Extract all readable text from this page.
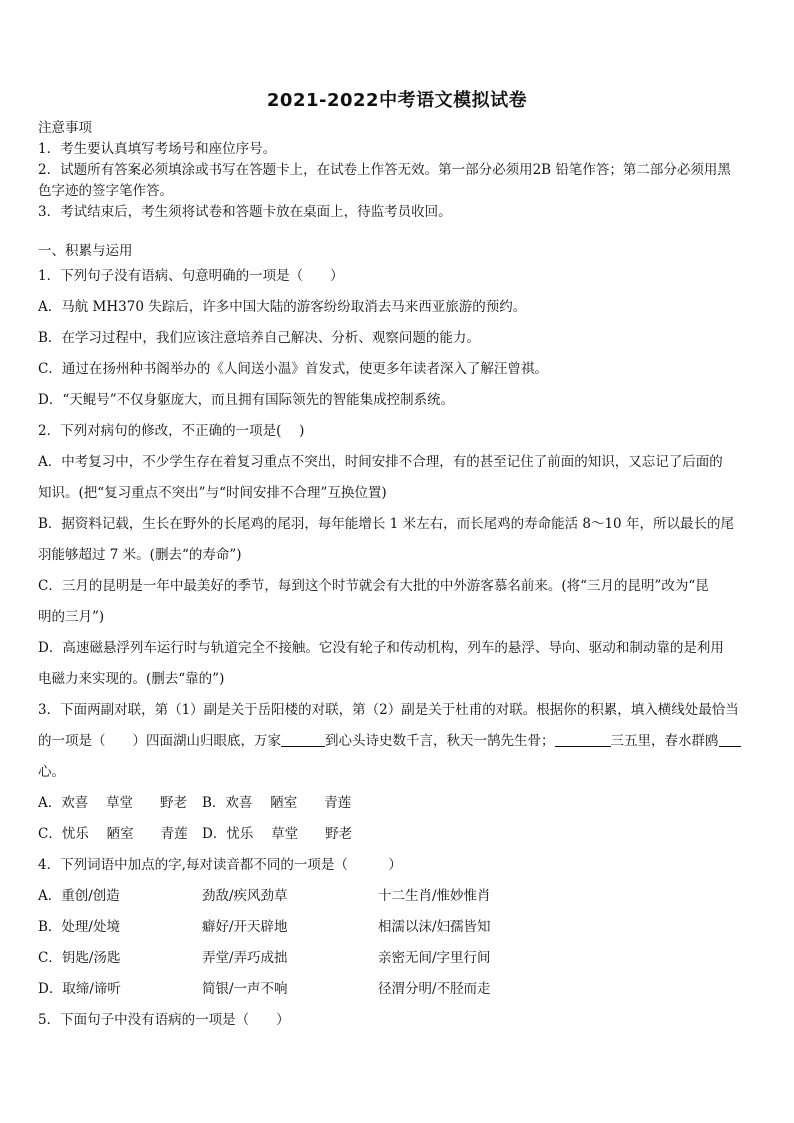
2021-2022中考语文模拟试卷
注意事项
1．考生要认真填写考场号和座位序号。
2．试题所有答案必须填涂或书写在答题卡上，在试卷上作答无效。第一部分必须用2B 铅笔作答；第二部分必须用黑
色字迹的签字笔作答。
3．考试结束后，考生须将试卷和答题卡放在桌面上，待监考员收回。
一、积累与运用
1．下列句子没有语病、句意明确的一项是（　　）
A．马航 MH370 失踪后，许多中国大陆的游客纷纷取消去马来西亚旅游的预约。
B．在学习过程中，我们应该注意培养自己解决、分析、观察问题的能力。
C．通过在扬州种书阁举办的《人间送小温》首发式，使更多年读者深入了解汪曾祺。
D．“天鲲号”不仅身躯庞大，而且拥有国际领先的智能集成控制系统。
2．下列对病句的修改，不正确的一项是(　 )
A．中考复习中，不少学生存在着复习重点不突出，时间安排不合理，有的甚至记住了前面的知识，又忘记了后面的
知识。(把“复习重点不突出”与“时间安排不合理”互换位置)
B．据资料记载，生长在野外的长尾鸡的尾羽，每年能增长 1 米左右，而长尾鸡的寿命能活 8～10 年，所以最长的尾
羽能够超过 7 米。(删去“的寿命”)
C．三月的昆明是一年中最美好的季节，每到这个时节就会有大批的中外游客慕名前来。(将“三月的昆明”改为“昆
明的三月”)
D．高速磁悬浮列车运行时与轨道完全不接触。它没有轮子和传动机构，列车的悬浮、导向、驱动和制动靠的是利用
电磁力来实现的。(删去“靠的”)
3．下面两副对联，第（1）副是关于岳阳楼的对联，第（2）副是关于杜甫的对联。根据你的积累，填入横线处最恰当
的一项是（　　）四面湖山归眼底，万家	到心头诗史数千言，秋天一鹄先生骨；	三五里，春水群鸥
心。
A．欢喜　 草堂　　野老 B．欢喜　 陋室　　青莲
C．忧乐　 陋室　　青莲 D．忧乐　 草堂　　野老
4．下列词语中加点的字,每对读音都不同的一项是（　　　）
A．重创/创造	劲敌/疾风劲草	十二生肖/惟妙惟肖
B．处理/处境	癖好/开天辟地	相濡以沫/妇孺皆知
C．钥匙/汤匙	弄堂/弄巧成拙	亲密无间/字里行间
D．取缔/谛听	简银/一声不响	径渭分明/不胫而走
5．下面句子中没有语病的一项是（　　）
